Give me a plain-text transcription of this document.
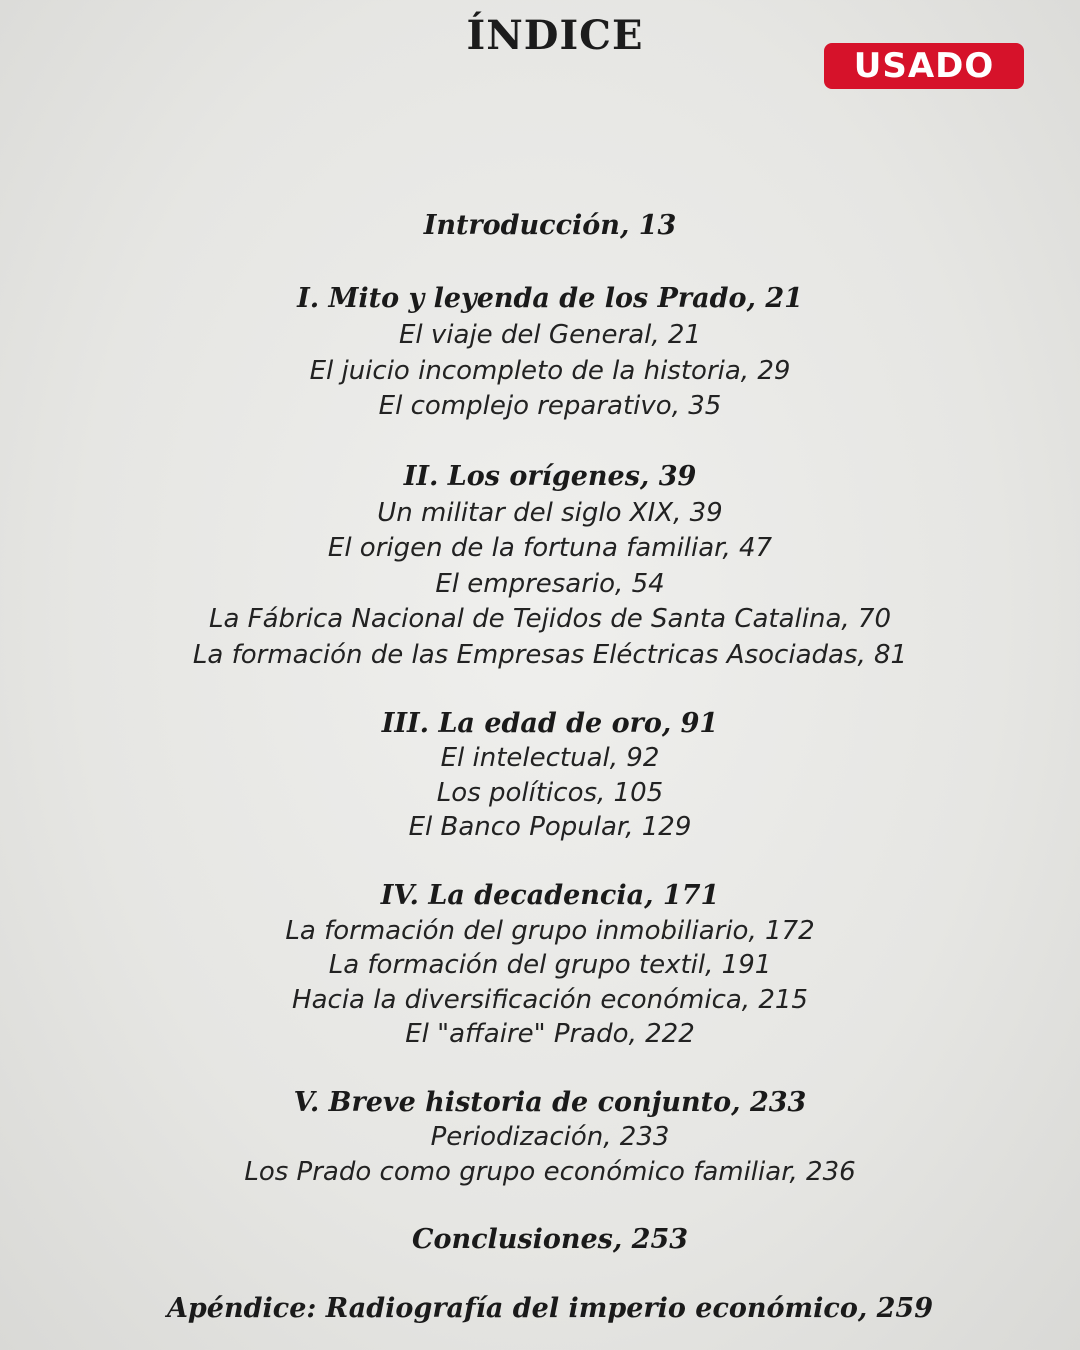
ÍNDICE
USADO
Introducción, 13
I. Mito y leyenda de los Prado, 21
El viaje del General, 21
El juicio incompleto de la historia, 29
El complejo reparativo, 35
II. Los orígenes, 39
Un militar del siglo XIX, 39
El origen de la fortuna familiar, 47
El empresario, 54
La Fábrica Nacional de Tejidos de Santa Catalina, 70
La formación de las Empresas Eléctricas Asociadas, 81
III. La edad de oro, 91
El intelectual, 92
Los políticos, 105
El Banco Popular, 129
IV. La decadencia, 171
La formación del grupo inmobiliario, 172
La formación del grupo textil, 191
Hacia la diversificación económica, 215
El "affaire" Prado, 222
V. Breve historia de conjunto, 233
Periodización, 233
Los Prado como grupo económico familiar, 236
Conclusiones, 253
Apéndice: Radiografía del imperio económico, 259
